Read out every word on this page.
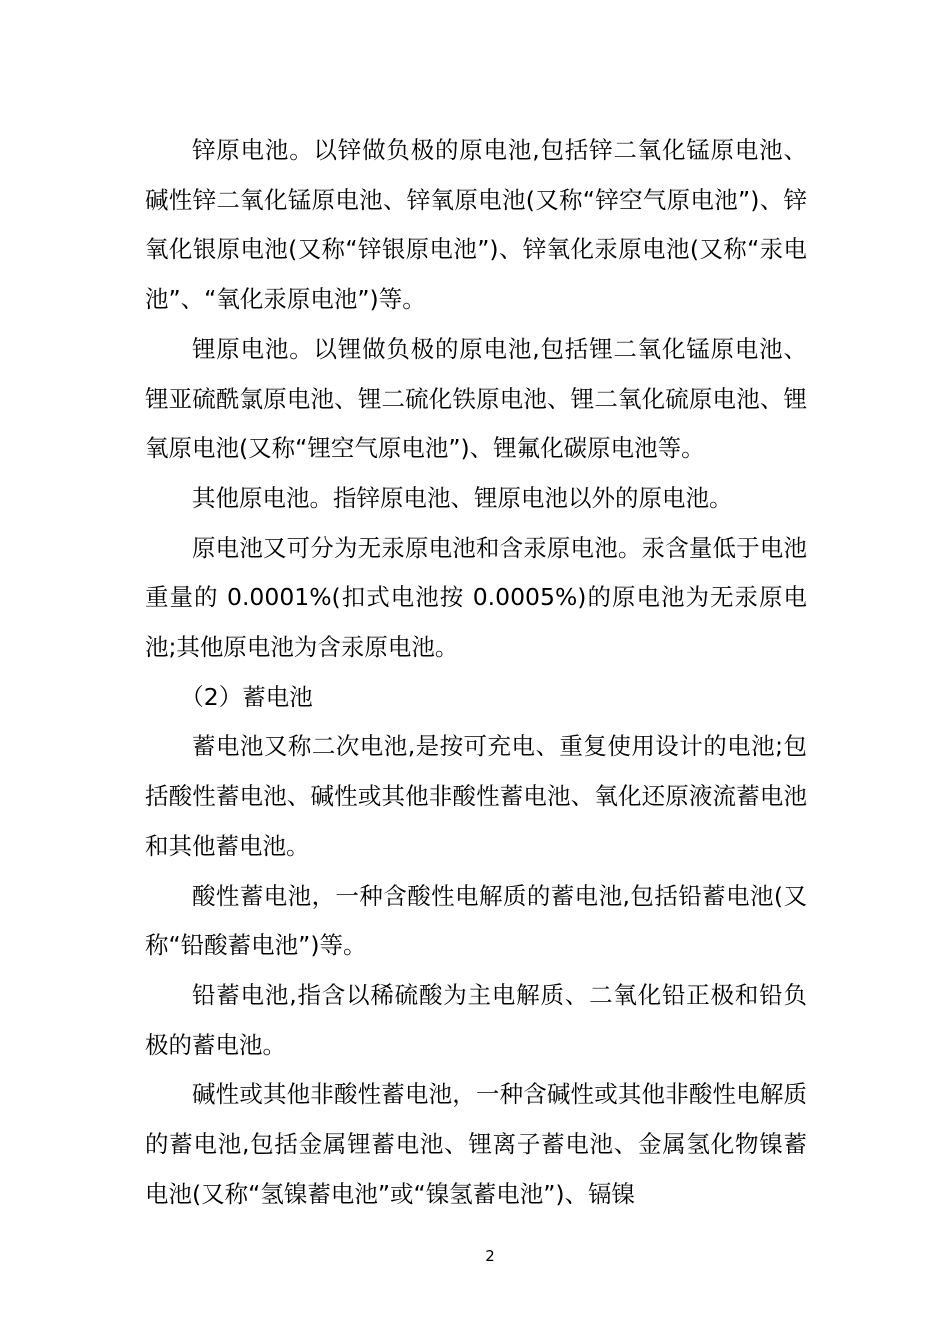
锌原电池。以锌做负极的原电池,包括锌二氧化锰原电池、碱性锌二氧化锰原电池、锌氧原电池(又称“锌空气原电池”)、锌氧化银原电池(又称“锌银原电池”)、锌氧化汞原电池(又称“汞电池”、“氧化汞原电池”)等。

锂原电池。以锂做负极的原电池,包括锂二氧化锰原电池、锂亚硫酰氯原电池、锂二硫化铁原电池、锂二氧化硫原电池、锂氧原电池(又称“锂空气原电池”)、锂氟化碳原电池等。

其他原电池。指锌原电池、锂原电池以外的原电池。

原电池又可分为无汞原电池和含汞原电池。汞含量低于电池重量的 0.0001%(扣式电池按 0.0005%)的原电池为无汞原电池;其他原电池为含汞原电池。

（2）蓄电池

蓄电池又称二次电池,是按可充电、重复使用设计的电池;包括酸性蓄电池、碱性或其他非酸性蓄电池、氧化还原液流蓄电池和其他蓄电池。

酸性蓄电池，一种含酸性电解质的蓄电池,包括铅蓄电池(又称“铅酸蓄电池”)等。

铅蓄电池,指含以稀硫酸为主电解质、二氧化铅正极和铅负极的蓄电池。

碱性或其他非酸性蓄电池，一种含碱性或其他非酸性电解质的蓄电池,包括金属锂蓄电池、锂离子蓄电池、金属氢化物镍蓄电池(又称“氢镍蓄电池”或“镍氢蓄电池”)、镉镍

2
